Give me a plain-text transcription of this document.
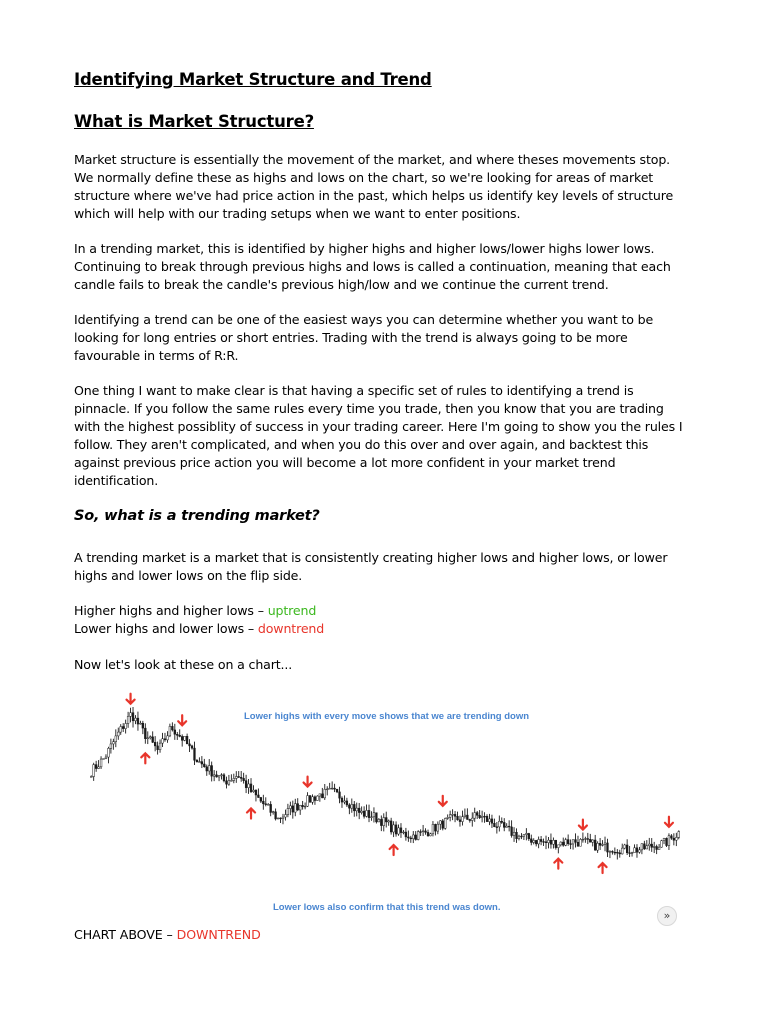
Identifying Market Structure and Trend
What is Market Structure?

Market structure is essentially the movement of the market, and where theses movements stop.
We normally define these as highs and lows on the chart, so we're looking for areas of market
structure where we've had price action in the past, which helps us identify key levels of structure
which will help with our trading setups when we want to enter positions.

In a trending market, this is identified by higher highs and higher lows/lower highs lower lows.
Continuing to break through previous highs and lows is called a continuation, meaning that each
candle fails to break the candle's previous high/low and we continue the current trend.

Identifying a trend can be one of the easiest ways you can determine whether you want to be
looking for long entries or short entries. Trading with the trend is always going to be more
favourable in terms of R:R.

One thing I want to make clear is that having a specific set of rules to identifying a trend is
pinnacle. If you follow the same rules every time you trade, then you know that you are trading
with the highest possiblity of success in your trading career. Here I'm going to show you the rules I
follow. They aren't complicated, and when you do this over and over again, and backtest this
against previous price action you will become a lot more confident in your market trend
identification.

So, what is a trending market?

A trending market is a market that is consistently creating higher lows and higher lows, or lower
highs and lower lows on the flip side.

Higher highs and higher lows – uptrend
Lower highs and lower lows – downtrend

Now let's look at these on a chart...

Lower highs with every move shows that we are trending down
Lower lows also confirm that this trend was down.
CHART ABOVE – DOWNTREND
»
